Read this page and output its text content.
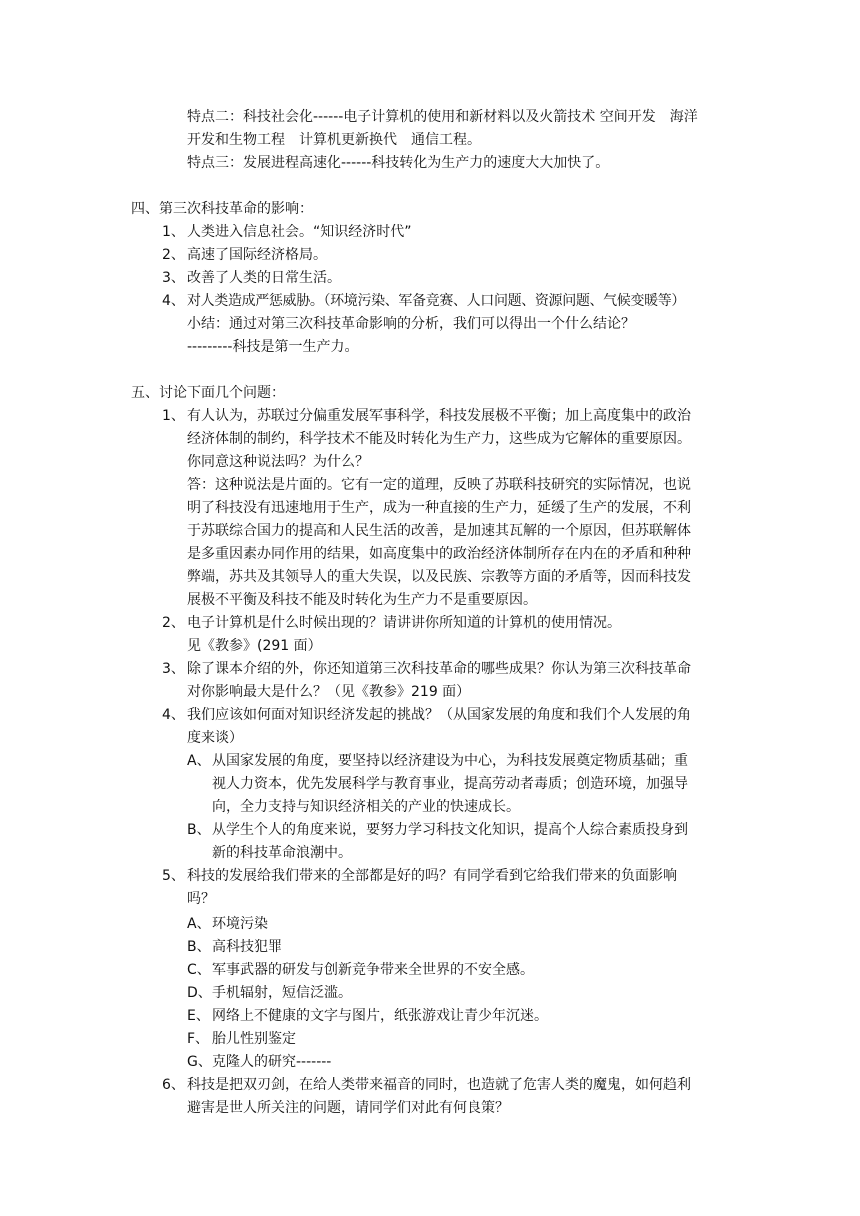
特点二：科技社会化------电子计算机的使用和新材料以及火箭技术 空间开发　海洋
开发和生物工程　计算机更新换代　通信工程。
特点三：发展进程高速化------科技转化为生产力的速度大大加快了。
四、第三次科技革命的影响：
1、 人类进入信息社会。“知识经济时代”
2、 高速了国际经济格局。
3、 改善了人类的日常生活。
4、 对人类造成严惩威胁。（环境污染、军备竞赛、人口问题、资源问题、气候变暖等）
小结：通过对第三次科技革命影响的分析，我们可以得出一个什么结论？
---------科技是第一生产力。
五、讨论下面几个问题：
1、 有人认为，苏联过分偏重发展军事科学，科技发展极不平衡；加上高度集中的政治
经济体制的制约，科学技术不能及时转化为生产力，这些成为它解体的重要原因。
你同意这种说法吗？为什么？
答：这种说法是片面的。它有一定的道理，反映了苏联科技研究的实际情况，也说
明了科技没有迅速地用于生产，成为一种直接的生产力，延缓了生产的发展，不利
于苏联综合国力的提高和人民生活的改善，是加速其瓦解的一个原因，但苏联解体
是多重因素办同作用的结果，如高度集中的政治经济体制所存在内在的矛盾和种种
弊端，苏共及其领导人的重大失误，以及民族、宗教等方面的矛盾等，因而科技发
展极不平衡及科技不能及时转化为生产力不是重要原因。
2、 电子计算机是什么时候出现的？请讲讲你所知道的计算机的使用情况。
见《教参》(291 面）
3、 除了课本介绍的外，你还知道第三次科技革命的哪些成果？你认为第三次科技革命
对你影响最大是什么？（见《教参》219 面）
4、 我们应该如何面对知识经济发起的挑战？（从国家发展的角度和我们个人发展的角
度来谈）
A、 从国家发展的角度，要坚持以经济建设为中心，为科技发展奠定物质基础；重
视人力资本，优先发展科学与教育事业，提高劳动者毒质；创造环境，加强导
向，全力支持与知识经济相关的产业的快速成长。
B、 从学生个人的角度来说，要努力学习科技文化知识，提高个人综合素质投身到
新的科技革命浪潮中。
5、 科技的发展给我们带来的全部都是好的吗？有同学看到它给我们带来的负面影响
吗？
A、 环境污染
B、 高科技犯罪
C、 军事武器的研发与创新竞争带来全世界的不安全感。
D、 手机辐射，短信泛滥。
E、 网络上不健康的文字与图片，纸张游戏让青少年沉迷。
F、 胎儿性别鉴定
G、 克隆人的研究-------
6、 科技是把双刃剑，在给人类带来福音的同时，也造就了危害人类的魔鬼，如何趋利
避害是世人所关注的问题，请同学们对此有何良策？
